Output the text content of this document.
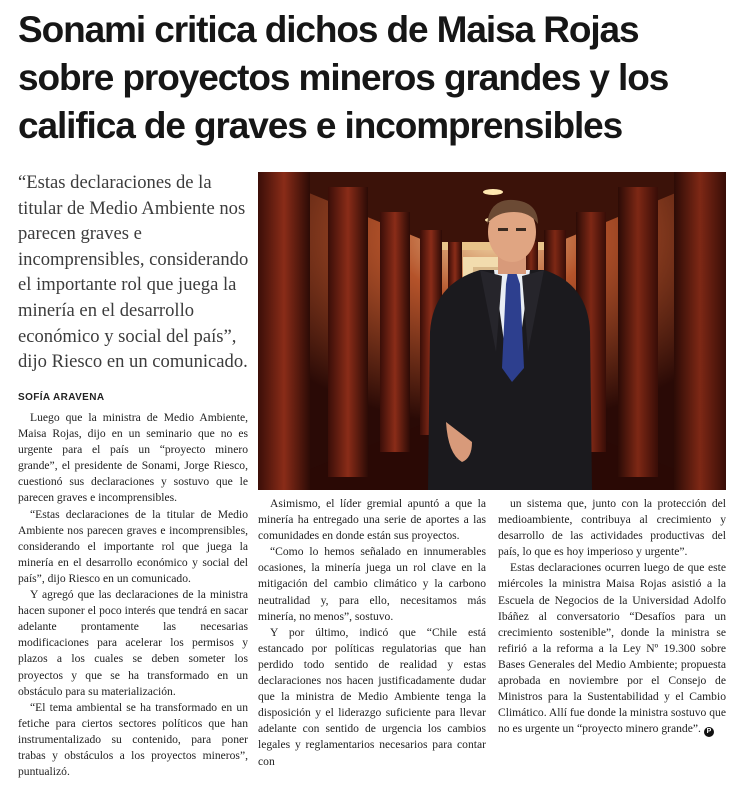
Sonami critica dichos de Maisa Rojas sobre proyectos mineros grandes y los califica de graves e incomprensibles

“Estas declaraciones de la titular de Medio Ambiente nos parecen graves e incomprensibles, considerando el importante rol que juega la minería en el desarrollo económico y social del país”, dijo Riesco en un comunicado.

SOFÍA ARAVENA

Luego que la ministra de Medio Ambiente, Maisa Rojas, dijo en un seminario que no es urgente para el país un “proyecto minero grande”, el presidente de Sonami, Jorge Riesco, cuestionó sus declaraciones y sostuvo que le parecen graves e incomprensibles.

“Estas declaraciones de la titular de Medio Ambiente nos parecen graves e incomprensibles, considerando el importante rol que juega la minería en el desarrollo económico y social del país”, dijo Riesco en un comunicado.

Y agregó que las declaraciones de la ministra hacen suponer el poco interés que tendrá en sacar adelante prontamente las necesarias modificaciones para acelerar los permisos y plazos a los cuales se deben someter los proyectos y que se ha transformado en un obstáculo para su materialización.

“El tema ambiental se ha transformado en un fetiche para ciertos sectores políticos que han instrumentalizado su contenido, para poner trabas y obstáculos a los proyectos mineros”, puntualizó.

Asimismo, el líder gremial apuntó a que la minería ha entregado una serie de aportes a las comunidades en donde están sus proyectos.

“Como lo hemos señalado en innumerables ocasiones, la minería juega un rol clave en la mitigación del cambio climático y la carbono neutralidad y, para ello, necesitamos más minería, no menos”, sostuvo.

Y por último, indicó que “Chile está estancado por políticas regulatorias que han perdido todo sentido de realidad y estas declaraciones nos hacen justificadamente dudar que la ministra de Medio Ambiente tenga la disposición y el liderazgo suficiente para llevar adelante con sentido de urgencia los cambios legales y reglamentarios necesarios para contar con

un sistema que, junto con la protección del medioambiente, contribuya al crecimiento y desarrollo de las actividades productivas del país, lo que es hoy imperioso y urgente”.

Estas declaraciones ocurren luego de que este miércoles la ministra Maisa Rojas asistió a la Escuela de Negocios de la Universidad Adolfo Ibáñez al conversatorio “Desafíos para un crecimiento sostenible”, donde la ministra se refirió a la reforma a la Ley Nº 19.300 sobre Bases Generales del Medio Ambiente; propuesta aprobada en noviembre por el Consejo de Ministros para la Sustentabilidad y el Cambio Climático. Allí fue donde la ministra sostuvo que no es urgente un “proyecto minero grande”. P
